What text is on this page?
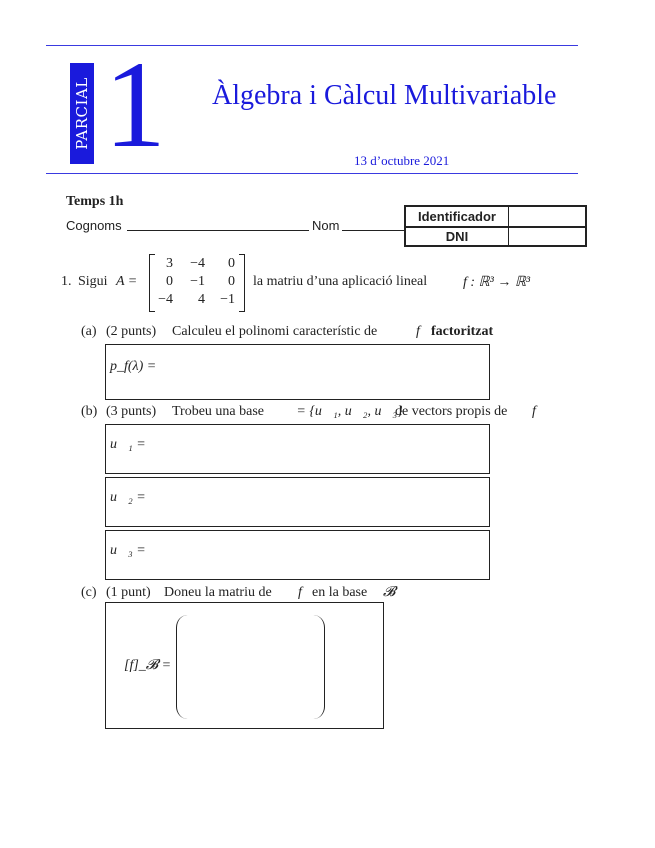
PARCIAL 1 Àlgebra i Càlcul Multivariable
13 d’octubre 2021
Temps 1h
Cognoms	Nom
Identificador
DNI
1. Sigui A =
3	−4	0
0	−1	0
−4	4	−1
la matriu d’una aplicació lineal	f : ℝ³ → ℝ³
(a) (2 punts) Calculeu el polinomi característic de	f factoritzat
p_f(λ) =
(b) (3 punts) Trobeu una base 𝓑 = {u⃗₁, u⃗₂, u⃗₃}
de vectors propis de f
u⃗₁ =
u⃗₂ =
u⃗₃ =
(c) (1 punt) Doneu la matriu de f en la base 𝓑
[f]_𝓑 =
